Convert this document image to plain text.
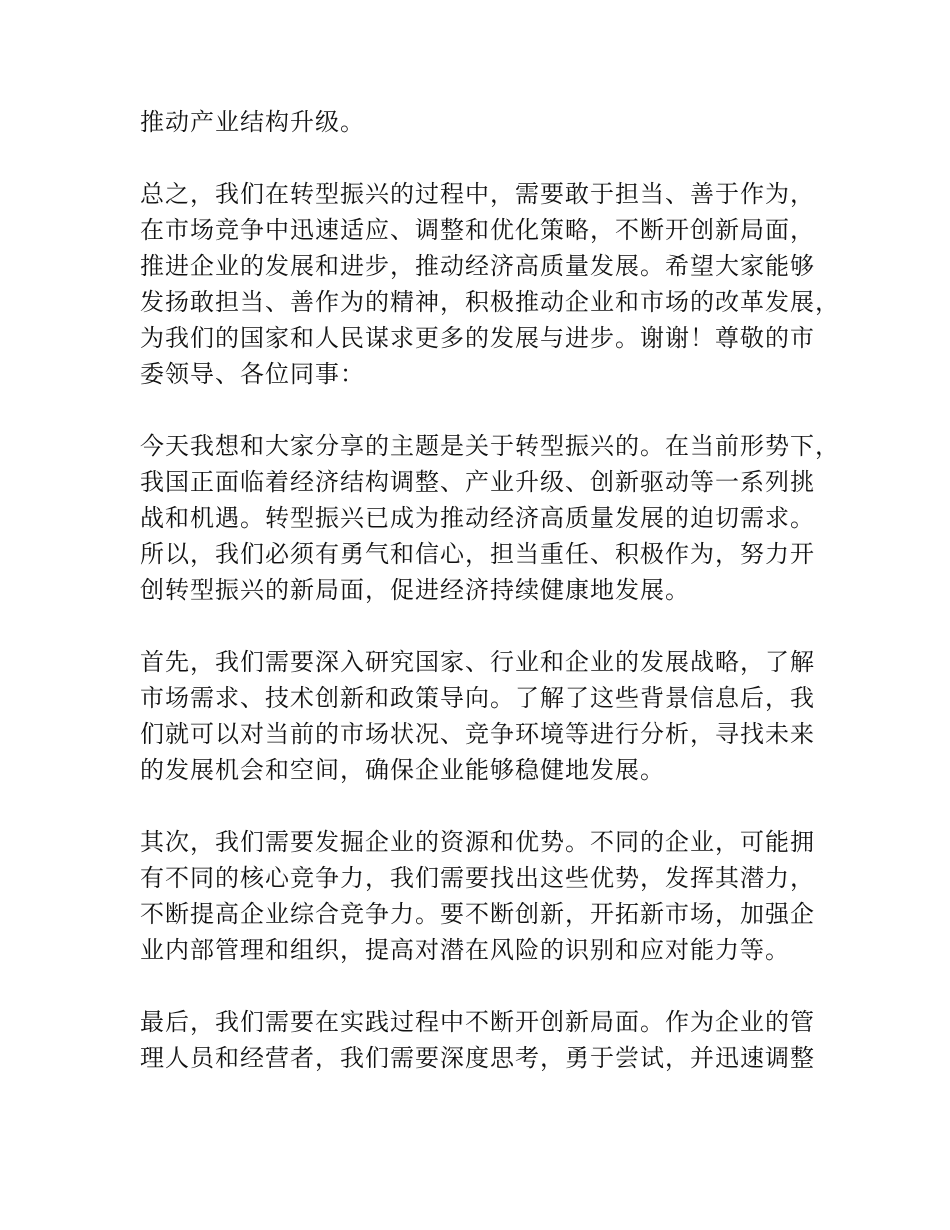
推动产业结构升级。
总之，我们在转型振兴的过程中，需要敢于担当、善于作为，
在市场竞争中迅速适应、调整和优化策略，不断开创新局面，
推进企业的发展和进步，推动经济高质量发展。希望大家能够
发扬敢担当、善作为的精神，积极推动企业和市场的改革发展，
为我们的国家和人民谋求更多的发展与进步。谢谢！尊敬的市
委领导、各位同事：
今天我想和大家分享的主题是关于转型振兴的。在当前形势下，
我国正面临着经济结构调整、产业升级、创新驱动等一系列挑
战和机遇。转型振兴已成为推动经济高质量发展的迫切需求。
所以，我们必须有勇气和信心，担当重任、积极作为，努力开
创转型振兴的新局面，促进经济持续健康地发展。
首先，我们需要深入研究国家、行业和企业的发展战略，了解
市场需求、技术创新和政策导向。了解了这些背景信息后，我
们就可以对当前的市场状况、竞争环境等进行分析，寻找未来
的发展机会和空间，确保企业能够稳健地发展。
其次，我们需要发掘企业的资源和优势。不同的企业，可能拥
有不同的核心竞争力，我们需要找出这些优势，发挥其潜力，
不断提高企业综合竞争力。要不断创新，开拓新市场，加强企
业内部管理和组织，提高对潜在风险的识别和应对能力等。
最后，我们需要在实践过程中不断开创新局面。作为企业的管
理人员和经营者，我们需要深度思考，勇于尝试，并迅速调整
